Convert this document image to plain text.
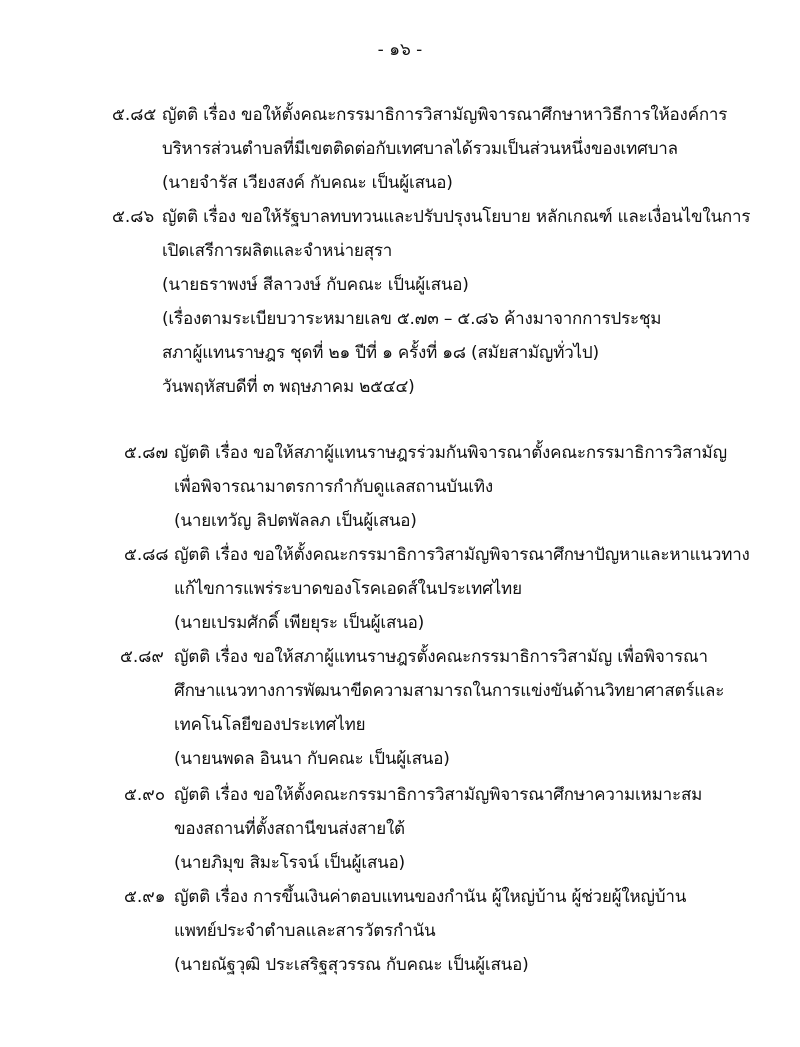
- ๑๖ -
๕.๘๕ ญัตติ เรื่อง ขอให้ตั้งคณะกรรมาธิการวิสามัญพิจารณาศึกษาหาวิธีการให้องค์การ
บริหารส่วนตำบลที่มีเขตติดต่อกับเทศบาลได้รวมเป็นส่วนหนึ่งของเทศบาล
(นายจำรัส เวียงสงค์ กับคณะ เป็นผู้เสนอ)
๕.๘๖ ญัตติ เรื่อง ขอให้รัฐบาลทบทวนและปรับปรุงนโยบาย หลักเกณฑ์ และเงื่อนไขในการ
เปิดเสรีการผลิตและจำหน่ายสุรา
(นายธราพงษ์ สีลาวงษ์ กับคณะ เป็นผู้เสนอ)
(เรื่องตามระเบียบวาระหมายเลข ๕.๗๓ – ๕.๘๖ ค้างมาจากการประชุม
สภาผู้แทนราษฎร ชุดที่ ๒๑ ปีที่ ๑ ครั้งที่ ๑๘ (สมัยสามัญทั่วไป)
วันพฤหัสบดีที่ ๓ พฤษภาคม ๒๕๔๔)
๕.๘๗ ญัตติ เรื่อง ขอให้สภาผู้แทนราษฎรร่วมกันพิจารณาตั้งคณะกรรมาธิการวิสามัญ
เพื่อพิจารณามาตรการกำกับดูแลสถานบันเทิง
(นายเทวัญ ลิปตพัลลภ เป็นผู้เสนอ)
๕.๘๘ ญัตติ เรื่อง ขอให้ตั้งคณะกรรมาธิการวิสามัญพิจารณาศึกษาปัญหาและหาแนวทาง
แก้ไขการแพร่ระบาดของโรคเอดส์ในประเทศไทย
(นายเปรมศักดิ์ เพียยุระ เป็นผู้เสนอ)
๕.๘๙ ญัตติ เรื่อง ขอให้สภาผู้แทนราษฎรตั้งคณะกรรมาธิการวิสามัญ เพื่อพิจารณา
ศึกษาแนวทางการพัฒนาขีดความสามารถในการแข่งขันด้านวิทยาศาสตร์และ
เทคโนโลยีของประเทศไทย
(นายนพดล อินนา กับคณะ เป็นผู้เสนอ)
๕.๙๐ ญัตติ เรื่อง ขอให้ตั้งคณะกรรมาธิการวิสามัญพิจารณาศึกษาความเหมาะสม
ของสถานที่ตั้งสถานีขนส่งสายใต้
(นายภิมุข สิมะโรจน์ เป็นผู้เสนอ)
๕.๙๑ ญัตติ เรื่อง การขึ้นเงินค่าตอบแทนของกำนัน ผู้ใหญ่บ้าน ผู้ช่วยผู้ใหญ่บ้าน
แพทย์ประจำตำบลและสารวัตรกำนัน
(นายณัฐวุฒิ ประเสริฐสุวรรณ กับคณะ เป็นผู้เสนอ)
